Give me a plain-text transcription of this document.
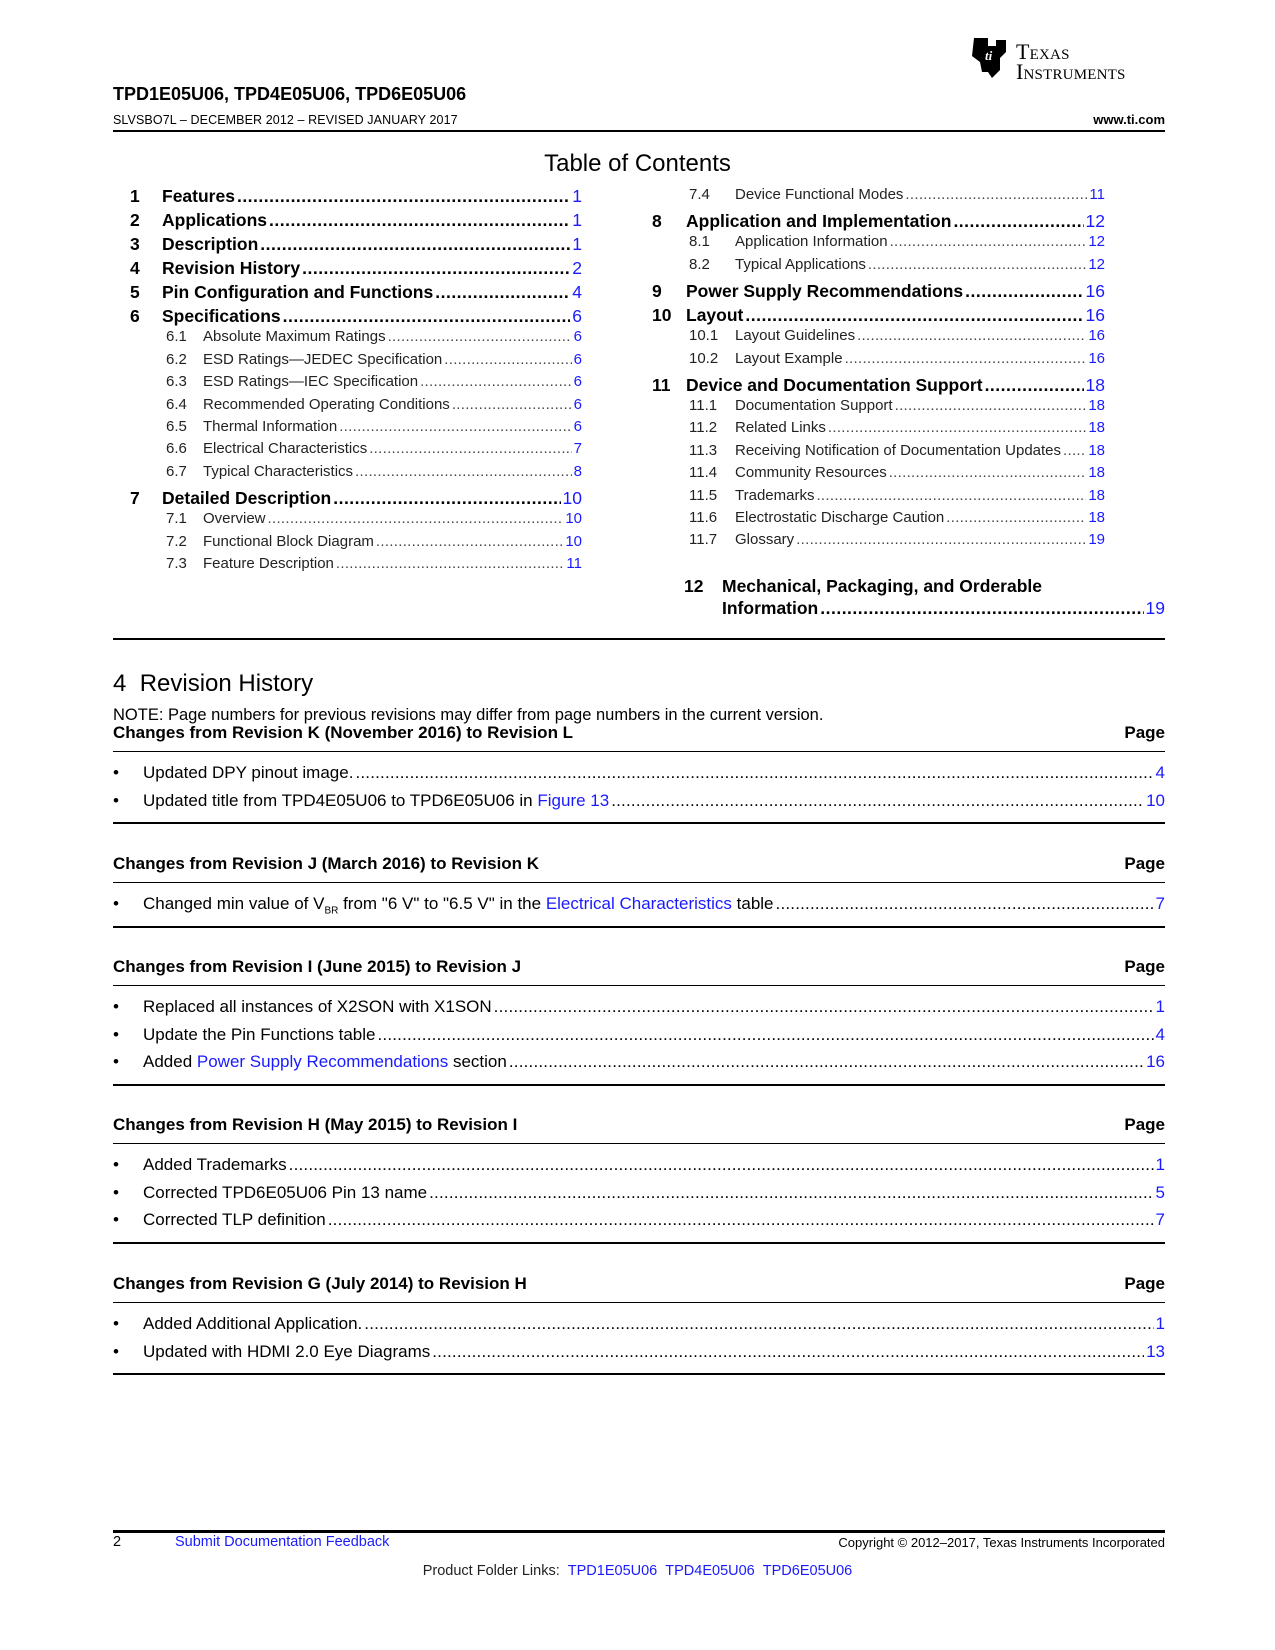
ti Texas
Instruments
TPD1E05U06, TPD4E05U06, TPD6E05U06
SLVSBO7L – DECEMBER 2012 – REVISED JANUARY 2017	www.ti.com
Table of Contents
1	Features .....	1
2	Applications .....	1
3	Description .....	1
4	Revision History .....	2
5	Pin Configuration and Functions .....	4
6	Specifications .....	6
6.1	Absolute Maximum Ratings .....	6
6.2	ESD Ratings—JEDEC Specification .....	6
6.3	ESD Ratings—IEC Specification .....	6
6.4	Recommended Operating Conditions .....	6
6.5	Thermal Information .....	6
6.6	Electrical Characteristics .....	7
6.7	Typical Characteristics .....	8
7	Detailed Description .....	10
7.1	Overview .....	10
7.2	Functional Block Diagram .....	10
7.3	Feature Description .....	11
7.4	Device Functional Modes .....	11
8	Application and Implementation .....	12
8.1	Application Information .....	12
8.2	Typical Applications .....	12
9	Power Supply Recommendations .....	16
10 Layout .....	16
10.1	Layout Guidelines .....	16
10.2	Layout Example .....	16
11 Device and Documentation Support .....	18
11.1	Documentation Support .....	18
11.2	Related Links .....	18
11.3	Receiving Notification of Documentation Updates ..... 18
11.4	Community Resources .....	18
11.5	Trademarks .....	18
11.6	Electrostatic Discharge Caution .....	18
11.7	Glossary .....	19
12	Mechanical, Packaging, and Orderable
Information .....	19
4 Revision History
NOTE: Page numbers for previous revisions may differ from page numbers in the current version.
Changes from Revision K (November 2016) to Revision L	Page
•	Updated DPY pinout image. .....	4
•	Updated title from TPD4E05U06 to TPD6E05U06 in Figure 13 .....	10
Changes from Revision J (March 2016) to Revision K	Page
•	Changed min value of $V_{BR}$ from "6 V" to "6.5 V" in the Electrical Characteristics table .....	7
Changes from Revision I (June 2015) to Revision J	Page
•	Replaced all instances of X2SON with X1SON .....	1
•	Update the Pin Functions table .....	4
•	Added Power Supply Recommendations section .....	16
Changes from Revision H (May 2015) to Revision I	Page
•	Added Trademarks .....	1
•	Corrected TPD6E05U06 Pin 13 name .....	5
•	Corrected TLP definition .....	7
Changes from Revision G (July 2014) to Revision H	Page
•	Added Additional Application. .....	1
•	Updated with HDMI 2.0 Eye Diagrams .....	13
2	Submit Documentation Feedback	Copyright © 2012–2017, Texas Instruments Incorporated
Product Folder Links: TPD1E05U06 TPD4E05U06 TPD6E05U06
